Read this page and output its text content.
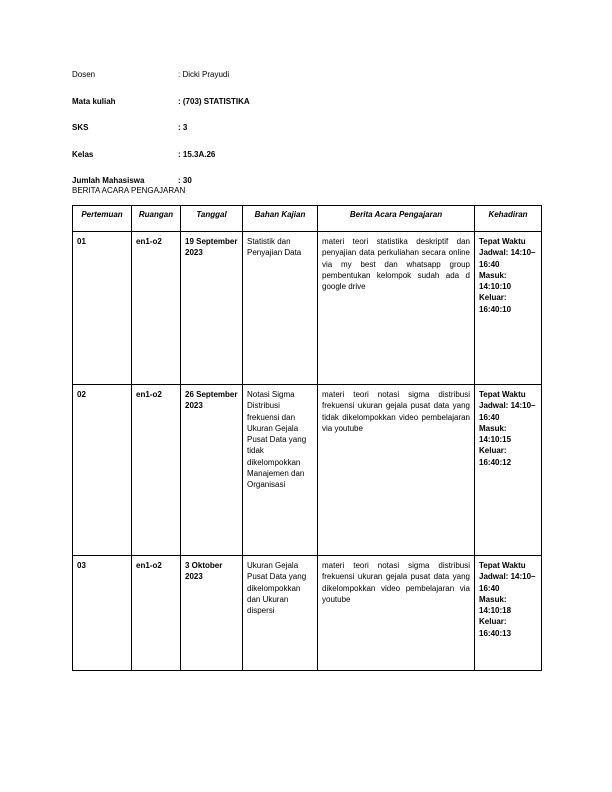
Dosen	: Dicki Prayudi
Mata kuliah	: (703) STATISTIKA
SKS	: 3
Kelas	: 15.3A.26
Jumlah Mahasiswa	: 30
BERITA ACARA PENGAJARAN
Pertemuan	Ruangan	Tanggal	Bahan Kajian	Berita Acara Pengajaran	Kehadiran
01	en1-o2	19 September 2023	Statistik dan Penyajian Data	materi teori statistika deskriptif dan penyajian data perkuliahan secara online via my best dan whatsapp group pembentukan kelompok sudah ada d google drive	Tepat Waktu
Jadwal: 14:10–16:40
Masuk: 14:10:10
Keluar: 16:40:10

02	en1-o2	26 September 2023	Notasi Sigma Distribusi frekuensi dan Ukuran Gejala Pusat Data yang tidak dikelompokkan Manajemen dan Organisasi	materi teori notasi sigma distribusi frekuensi ukuran gejala pusat data yang tidak dikelompokkan video pembelajaran via youtube	Tepat Waktu
Jadwal: 14:10–16:40
Masuk: 14:10:15
Keluar: 16:40:12

03	en1-o2	3 Oktober 2023	Ukuran Gejala Pusat Data yang dikelompokkan dan Ukuran dispersi	materi teori notasi sigma distribusi frekuensi ukuran gejala pusat data yang dikelompokkan video pembelajaran via youtube	Tepat Waktu
Jadwal: 14:10–16:40
Masuk: 14:10:18
Keluar: 16:40:13
